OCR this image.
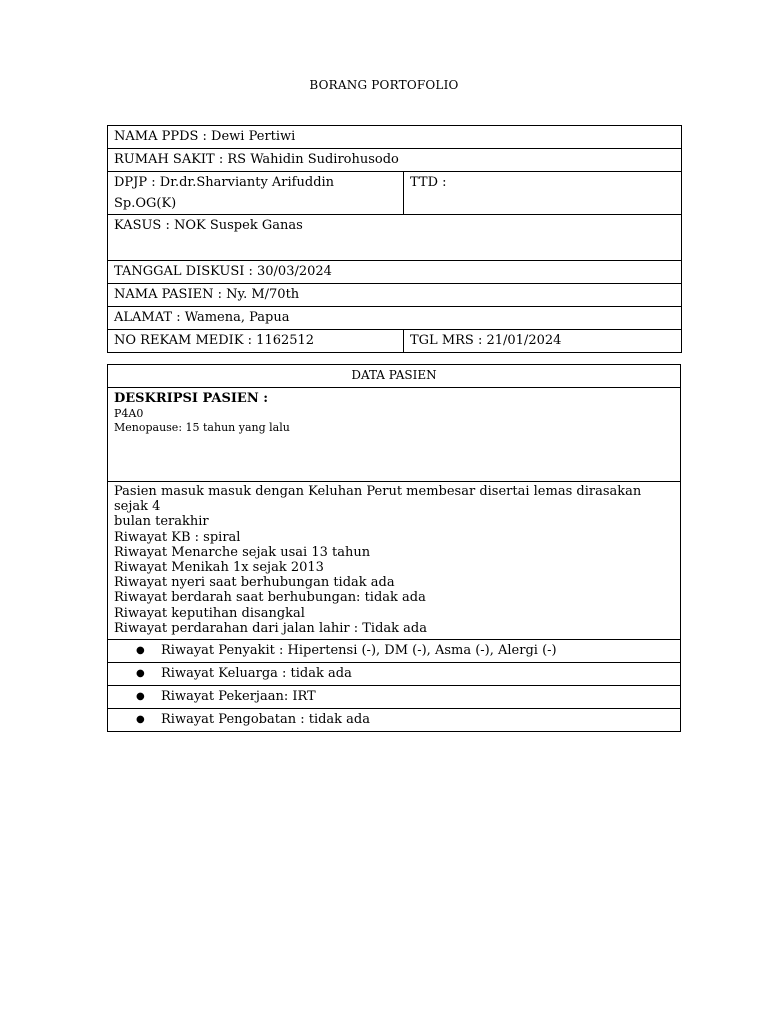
BORANG PORTOFOLIO
NAMA PPDS : Dewi Pertiwi	
RUMAH SAKIT : RS Wahidin Sudirohusodo	
DPJP : Dr.dr.Sharvianty Arifuddin Sp.OG(K)	TTD :
KASUS : NOK Suspek Ganas	
TANGGAL DISKUSI : 30/03/2024	
NAMA PASIEN : Ny. M/70th	
ALAMAT : Wamena, Papua	
NO REKAM MEDIK : 1162512	TGL MRS : 21/01/2024
DATA PASIEN

DESKRIPSI PASIEN :
P4A0
Menopause: 15 tahun yang lalu

Pasien masuk masuk dengan Keluhan Perut membesar disertai lemas dirasakan sejak 4
bulan terakhir
Riwayat KB : spiral
Riwayat Menarche sejak usai 13 tahun
Riwayat Menikah 1x sejak 2013
Riwayat nyeri saat berhubungan tidak ada
Riwayat berdarah saat berhubungan: tidak ada
Riwayat keputihan disangkal
Riwayat perdarahan dari jalan lahir : Tidak ada

● Riwayat Penyakit : Hipertensi (-), DM (-), Asma (-), Alergi (-)
● Riwayat Keluarga : tidak ada
● Riwayat Pekerjaan: IRT
● Riwayat Pengobatan : tidak ada
